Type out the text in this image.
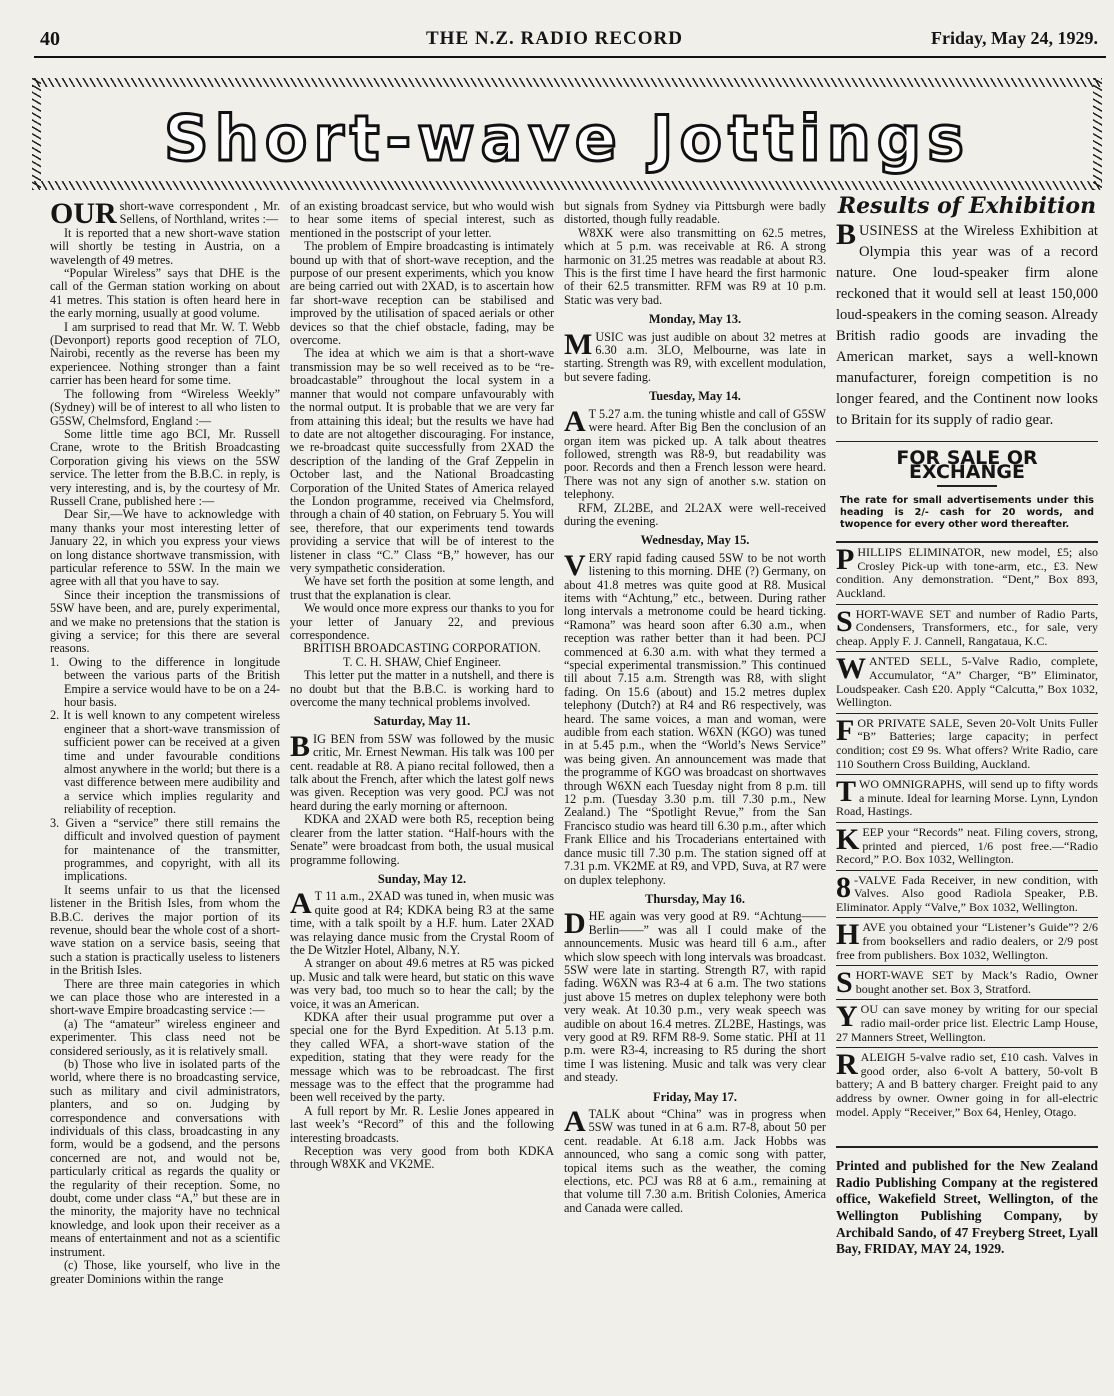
40	THE N.Z. RADIO RECORD	Friday, May 24, 1929.
Short-wave Jottings

OUR short-wave correspondent , Mr. Sellens, of Northland, writes :—

It is reported that a new short-wave station will shortly be testing in Austria, on a wavelength of 49 metres.

“Popular Wireless” says that DHE is the call of the German station working on about 41 metres. This station is often heard here in the early morning, usually at good volume.

I am surprised to read that Mr. W. T. Webb (Devonport) reports good reception of 7LO, Nairobi, recently as the reverse has been my experiencee. Nothing stronger than a faint carrier has been heard for some time.

The following from “Wireless Weekly” (Sydney) will be of interest to all who listen to G5SW, Chelmsford, England :—

Some little time ago BCI, Mr. Russell Crane, wrote to the British Broadcasting Corporation giving his views on the 5SW service. The letter from the B.B.C. in reply, is very interesting, and is, by the courtesy of Mr. Russell Crane, published here :—

Dear Sir,—We have to acknowledge with many thanks your most interesting letter of January 22, in which you express your views on long distance shortwave transmission, with particular reference to 5SW. In the main we agree with all that you have to say.

Since their inception the transmissions of 5SW have been, and are, purely experimental, and we make no pretensions that the station is giving a service; for this there are several reasons.

1. Owing to the difference in longitude between the various parts of the British Empire a service would have to be on a 24-hour basis.

2. It is well known to any competent wireless engineer that a short-wave transmission of sufficient power can be received at a given time and under favourable conditions almost anywhere in the world; but there is a vast difference between mere audibility and a service which implies regularity and reliability of reception.

3. Given a “service” there still remains the difficult and involved question of payment for maintenance of the transmitter, programmes, and copyright, with all its implications.

It seems unfair to us that the licensed listener in the British Isles, from whom the B.B.C. derives the major portion of its revenue, should bear the whole cost of a short-wave station on a service basis, seeing that such a station is practically useless to listeners in the British Isles.

There are three main categories in which we can place those who are interested in a short-wave Empire broadcasting service :—

(a) The “amateur” wireless engineer and experimenter. This class need not be considered seriously, as it is relatively small.

(b) Those who live in isolated parts of the world, where there is no broadcasting service, such as military and civil administrators, planters, and so on. Judging by correspondence and conversations with individuals of this class, broadcasting in any form, would be a godsend, and the persons concerned are not, and would not be, particularly critical as regards the quality or the regularity of their reception. Some, no doubt, come under class “A,” but these are in the minority, the majority have no technical knowledge, and look upon their receiver as a means of entertainment and not as a scientific instrument.

(c) Those, like yourself, who live in the greater Dominions within the range

of an existing broadcast service, but who would wish to hear some items of special interest, such as mentioned in the postscript of your letter.

The problem of Empire broadcasting is intimately bound up with that of short-wave reception, and the purpose of our present experiments, which you know are being carried out with 2XAD, is to ascertain how far short-wave reception can be stabilised and improved by the utilisation of spaced aerials or other devices so that the chief obstacle, fading, may be overcome.

The idea at which we aim is that a short-wave transmission may be so well received as to be “re-broadcastable” throughout the local system in a manner that would not compare unfavourably with the normal output. It is probable that we are very far from attaining this ideal; but the results we have had to date are not altogether discouraging. For instance, we re-broadcast quite successfully from 2XAD the description of the landing of the Graf Zeppelin in October last, and the National Broadcasting Corporation of the United States of America relayed the London programme, received via Chelmsford, through a chain of 40 station, on February 5. You will see, therefore, that our experiments tend towards providing a service that will be of interest to the listener in class “C.” Class “B,” however, has our very sympathetic consideration.

We have set forth the position at some length, and trust that the explanation is clear.

We would once more express our thanks to you for your letter of January 22, and previous correspondence.

BRITISH BROADCASTING CORPORATION.

T. C. H. SHAW, Chief Engineer.

This letter put the matter in a nutshell, and there is no doubt but that the B.B.C. is working hard to overcome the many technical problems involved.

Saturday, May 11.

BIG BEN from 5SW was followed by the music critic, Mr. Ernest Newman. His talk was 100 per cent. readable at R8. A piano recital followed, then a talk about the French, after which the latest golf news was given. Reception was very good. PCJ was not heard during the early morning or afternoon.

KDKA and 2XAD were both R5, reception being clearer from the latter station. “Half-hours with the Senate” were broadcast from both, the usual musical programme following.

Sunday, May 12.

A T 11 a.m., 2XAD was tuned in, when music was quite good at R4; KDKA being R3 at the same time, with a talk spoilt by a H.F. hum. Later 2XAD was relaying dance music from the Crystal Room of the De Witzler Hotel, Albany, N.Y.

A stranger on about 49.6 metres at R5 was picked up. Music and talk were heard, but static on this wave was very bad, too much so to hear the call; by the voice, it was an American.

KDKA after their usual programme put over a special one for the Byrd Expedition. At 5.13 p.m. they called WFA, a short-wave station of the expedition, stating that they were ready for the message which was to be rebroadcast. The first message was to the effect that the programme had been well received by the party.

A full report by Mr. R. Leslie Jones appeared in last week’s “Record” of this and the following interesting broadcasts.

Reception was very good from both KDKA through W8XK and VK2ME.

but signals from Sydney via Pittsburgh were badly distorted, though fully readable.

W8XK were also transmitting on 62.5 metres, which at 5 p.m. was receivable at R6. A strong harmonic on 31.25 metres was readable at about R3. This is the first time I have heard the first harmonic of their 62.5 transmitter. RFM was R9 at 10 p.m. Static was very bad.

Monday, May 13.

MUSIC was just audible on about 32 metres at 6.30 a.m. 3LO, Melbourne, was late in starting. Strength was R9, with excellent modulation, but severe fading.

Tuesday, May 14.

A T 5.27 a.m. the tuning whistle and call of G5SW were heard. After Big Ben the conclusion of an organ item was picked up. A talk about theatres followed, strength was R8-9, but readability was poor. Records and then a French lesson were heard. There was not any sign of another s.w. station on telephony.

RFM, ZL2BE, and 2L2AX were well-received during the evening.

Wednesday, May 15.

VERY rapid fading caused 5SW to be not worth listening to this morning. DHE (?) Germany, on about 41.8 metres was quite good at R8. Musical items with “Achtung,” etc., between. During rather long intervals a metronome could be heard ticking. “Ramona” was heard soon after 6.30 a.m., when reception was rather better than it had been. PCJ commenced at 6.30 a.m. with what they termed a “special experimental transmission.” This continued till about 7.15 a.m. Strength was R8, with slight fading. On 15.6 (about) and 15.2 metres duplex telephony (Dutch?) at R4 and R6 respectively, was heard. The same voices, a man and woman, were audible from each station. W6XN (KGO) was tuned in at 5.45 p.m., when the “World’s News Service” was being given. An announcement was made that the programme of KGO was broadcast on shortwaves through W6XN each Tuesday night from 8 p.m. till 12 p.m. (Tuesday 3.30 p.m. till 7.30 p.m., New Zealand.) The “Spotlight Revue,” from the San Francisco studio was heard till 6.30 p.m., after which Frank Ellice and his Trocaderians entertained with dance music till 7.30 p.m. The station signed off at 7.31 p.m. VK2ME at R9, and VPD, Suva, at R7 were on duplex telephony.

Thursday, May 16.

DHE again was very good at R9. “Achtung——Berlin——” was all I could make of the announcements. Music was heard till 6 a.m., after which slow speech with long intervals was broadcast. 5SW were late in starting. Strength R7, with rapid fading. W6XN was R3-4 at 6 a.m. The two stations just above 15 metres on duplex telephony were both very weak. At 10.30 p.m., very weak speech was audible on about 16.4 metres. ZL2BE, Hastings, was very good at R9. RFM R8-9. Some static. PHI at 11 p.m. were R3-4, increasing to R5 during the short time I was listening. Music and talk was very clear and steady.

Friday, May 17.

ATALK about “China” was in progress when 5SW was tuned in at 6 a.m. R7-8, about 50 per cent. readable. At 6.18 a.m. Jack Hobbs was announced, who sang a comic song with patter, topical items such as the weather, the coming elections, etc. PCJ was R8 at 6 a.m., remaining at that volume till 7.30 a.m. British Colonies, America and Canada were called.

Results of Exhibition

BUSINESS at the Wireless Exhibition at Olympia this year was of a record nature. One loud-speaker firm alone reckoned that it would sell at least 150,000 loud-speakers in the coming season. Already British radio goods are invading the American market, says a well-known manufacturer, foreign competition is no longer feared, and the Continent now looks to Britain for its supply of radio gear.

FOR SALE OR EXCHANGE
The rate for small advertisements under this heading is 2/- cash for 20 words, and twopence for every other word thereafter.
PHILLIPS ELIMINATOR, new model, £5; also Crosley Pick-up with tone-arm, etc., £3. New condition. Any demonstration. “Dent,” Box 893, Auckland.
SHORT-WAVE SET and number of Radio Parts, Condensers, Transformers, etc., for sale, very cheap. Apply F. J. Cannell, Rangataua, K.C.
WANTED SELL, 5-Valve Radio, complete, Accumulator, “A” Charger, “B” Eliminator, Loudspeaker. Cash £20. Apply “Calcutta,” Box 1032, Wellington.
FOR PRIVATE SALE, Seven 20-Volt Units Fuller “B” Batteries; large capacity; in perfect condition; cost £9 9s. What offers? Write Radio, care 110 Southern Cross Building, Auckland.
TWO OMNIGRAPHS, will send up to fifty words a minute. Ideal for learning Morse. Lynn, Lyndon Road, Hastings.
KEEP your “Records” neat. Filing covers, strong, printed and pierced, 1/6 post free.—“Radio Record,” P.O. Box 1032, Wellington.
8 -VALVE Fada Receiver, in new condition, with Valves. Also good Radiola Speaker, P.B. Eliminator. Apply “Valve,” Box 1032, Wellington.
HAVE you obtained your “Listener’s Guide”? 2/6 from booksellers and radio dealers, or 2/9 post free from publishers. Box 1032, Wellington.
SHORT-WAVE SET by Mack’s Radio, Owner bought another set. Box 3, Stratford.
YOU can save money by writing for our special radio mail-order price list. Electric Lamp House, 27 Manners Street, Wellington.
RALEIGH 5-valve radio set, £10 cash. Valves in good order, also 6-volt A battery, 50-volt B battery; A and B battery charger. Freight paid to any address by owner. Owner going in for all-electric model. Apply “Receiver,” Box 64, Henley, Otago.
Printed and published for the New Zealand Radio Publishing Company at the registered office, Wakefield Street, Wellington, of the Wellington Publishing Company, by Archibald Sando, of 47 Freyberg Street, Lyall Bay, FRIDAY, MAY 24, 1929.
